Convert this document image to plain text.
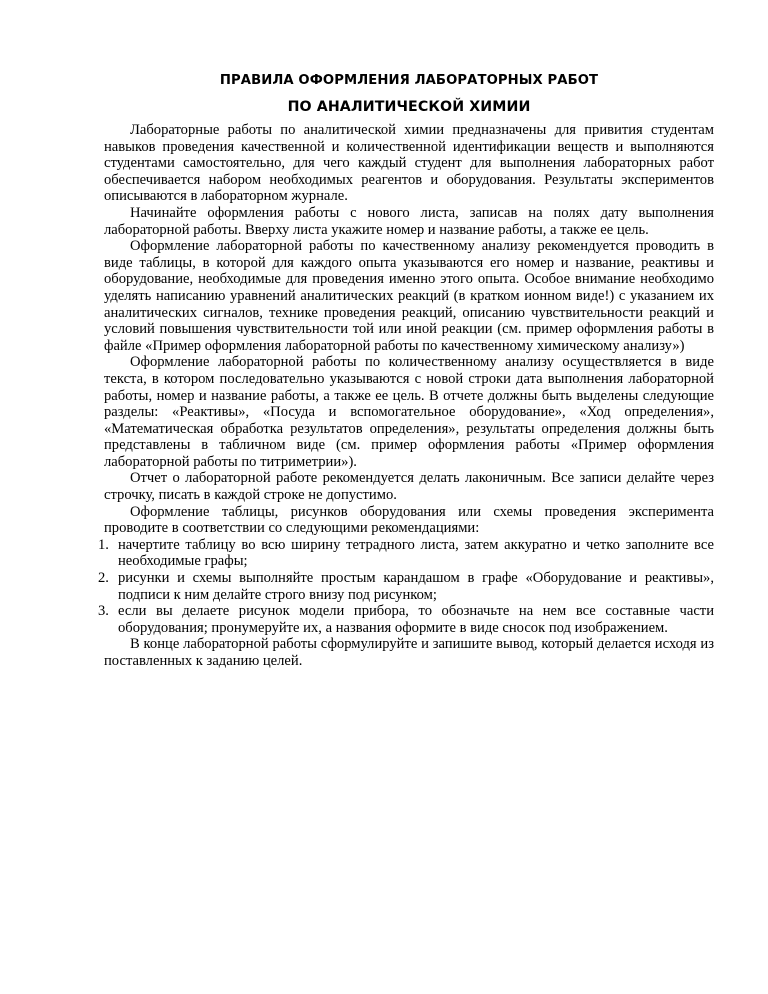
ПРАВИЛА ОФОРМЛЕНИЯ ЛАБОРАТОРНЫХ РАБОТ
ПО АНАЛИТИЧЕСКОЙ ХИМИИ

Лабораторные работы по аналитической химии предназначены для привития студентам навыков проведения качественной и количественной идентификации веществ и выполняются студентами самостоятельно, для чего каждый студент для выполнения лабораторных работ обеспечивается набором необходимых реагентов и оборудования. Результаты экспериментов описываются в лабораторном журнале.

Начинайте оформления работы с нового листа, записав на полях дату выполнения лабораторной работы. Вверху листа укажите номер и название работы, а также ее цель.

Оформление лабораторной работы по качественному анализу рекомендуется проводить в виде таблицы, в которой для каждого опыта указываются его номер и название, реактивы и оборудование, необходимые для проведения именно этого опыта. Особое внимание необходимо уделять написанию уравнений аналитических реакций (в кратком ионном виде!) с указанием их аналитических сигналов, технике проведения реакций, описанию чувствительности реакций и условий повышения чувствительности той или иной реакции (см. пример оформления работы в файле «Пример оформления лабораторной работы по качественному химическому анализу»)

Оформление лабораторной работы по количественному анализу осуществляется в виде текста, в котором последовательно указываются с новой строки дата выполнения лабораторной работы, номер и название работы, а также ее цель. В отчете должны быть выделены следующие разделы: «Реактивы», «Посуда и вспомогательное оборудование», «Ход определения», «Математическая обработка результатов определения», результаты определения должны быть представлены в табличном виде (см. пример оформления работы «Пример оформления лабораторной работы по титриметрии»).

Отчет о лабораторной работе рекомендуется делать лаконичным. Все записи делайте через строчку, писать в каждой строке не допустимо.

Оформление таблицы, рисунков оборудования или схемы проведения эксперимента проводите в соответствии со следующими рекомендациями:

1. начертите таблицу во всю ширину тетрадного листа, затем аккуратно и четко заполните все необходимые графы;
2. рисунки и схемы выполняйте простым карандашом в графе «Оборудование и реактивы», подписи к ним делайте строго внизу под рисунком;
3. если вы делаете рисунок модели прибора, то обозначьте на нем все составные части оборудования; пронумеруйте их, а названия оформите в виде сносок под изображением.

В конце лабораторной работы сформулируйте и запишите вывод, который делается исходя из поставленных к заданию целей.
